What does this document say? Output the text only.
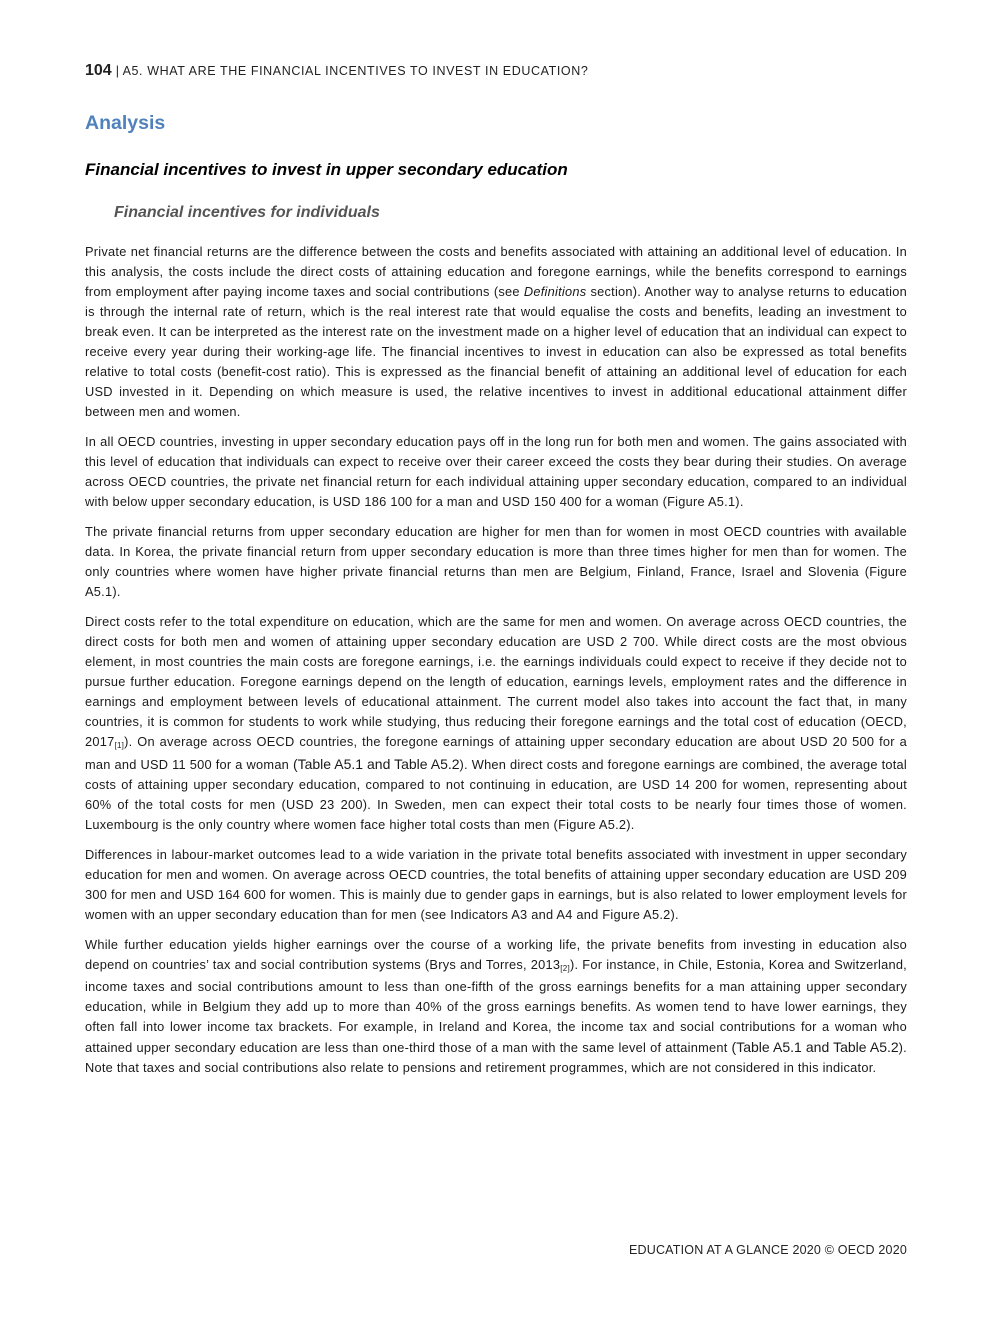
104 | A5. WHAT ARE THE FINANCIAL INCENTIVES TO INVEST IN EDUCATION?
Analysis
Financial incentives to invest in upper secondary education
Financial incentives for individuals

Private net financial returns are the difference between the costs and benefits associated with attaining an additional level of education. In this analysis, the costs include the direct costs of attaining education and foregone earnings, while the benefits correspond to earnings from employment after paying income taxes and social contributions (see Definitions section). Another way to analyse returns to education is through the internal rate of return, which is the real interest rate that would equalise the costs and benefits, leading an investment to break even. It can be interpreted as the interest rate on the investment made on a higher level of education that an individual can expect to receive every year during their working-age life. The financial incentives to invest in education can also be expressed as total benefits relative to total costs (benefit-cost ratio). This is expressed as the financial benefit of attaining an additional level of education for each USD invested in it. Depending on which measure is used, the relative incentives to invest in additional educational attainment differ between men and women.

In all OECD countries, investing in upper secondary education pays off in the long run for both men and women. The gains associated with this level of education that individuals can expect to receive over their career exceed the costs they bear during their studies. On average across OECD countries, the private net financial return for each individual attaining upper secondary education, compared to an individual with below upper secondary education, is USD 186 100 for a man and USD 150 400 for a woman (Figure A5.1).

The private financial returns from upper secondary education are higher for men than for women in most OECD countries with available data. In Korea, the private financial return from upper secondary education is more than three times higher for men than for women. The only countries where women have higher private financial returns than men are Belgium, Finland, France, Israel and Slovenia (Figure A5.1).

Direct costs refer to the total expenditure on education, which are the same for men and women. On average across OECD countries, the direct costs for both men and women of attaining upper secondary education are USD 2 700. While direct costs are the most obvious element, in most countries the main costs are foregone earnings, i.e. the earnings individuals could expect to receive if they decide not to pursue further education. Foregone earnings depend on the length of education, earnings levels, employment rates and the difference in earnings and employment between levels of educational attainment. The current model also takes into account the fact that, in many countries, it is common for students to work while studying, thus reducing their foregone earnings and the total cost of education (OECD, 2017[1]). On average across OECD countries, the foregone earnings of attaining upper secondary education are about USD 20 500 for a man and USD 11 500 for a woman (Table A5.1 and Table A5.2). When direct costs and foregone earnings are combined, the average total costs of attaining upper secondary education, compared to not continuing in education, are USD 14 200 for women, representing about 60% of the total costs for men (USD 23 200). In Sweden, men can expect their total costs to be nearly four times those of women. Luxembourg is the only country where women face higher total costs than men (Figure A5.2).

Differences in labour-market outcomes lead to a wide variation in the private total benefits associated with investment in upper secondary education for men and women. On average across OECD countries, the total benefits of attaining upper secondary education are USD 209 300 for men and USD 164 600 for women. This is mainly due to gender gaps in earnings, but is also related to lower employment levels for women with an upper secondary education than for men (see Indicators A3 and A4 and Figure A5.2).

While further education yields higher earnings over the course of a working life, the private benefits from investing in education also depend on countries’ tax and social contribution systems (Brys and Torres, 2013[2]). For instance, in Chile, Estonia, Korea and Switzerland, income taxes and social contributions amount to less than one-fifth of the gross earnings benefits for a man attaining upper secondary education, while in Belgium they add up to more than 40% of the gross earnings benefits. As women tend to have lower earnings, they often fall into lower income tax brackets. For example, in Ireland and Korea, the income tax and social contributions for a woman who attained upper secondary education are less than one-third those of a man with the same level of attainment (Table A5.1 and Table A5.2). Note that taxes and social contributions also relate to pensions and retirement programmes, which are not considered in this indicator.

EDUCATION AT A GLANCE 2020 © OECD 2020
